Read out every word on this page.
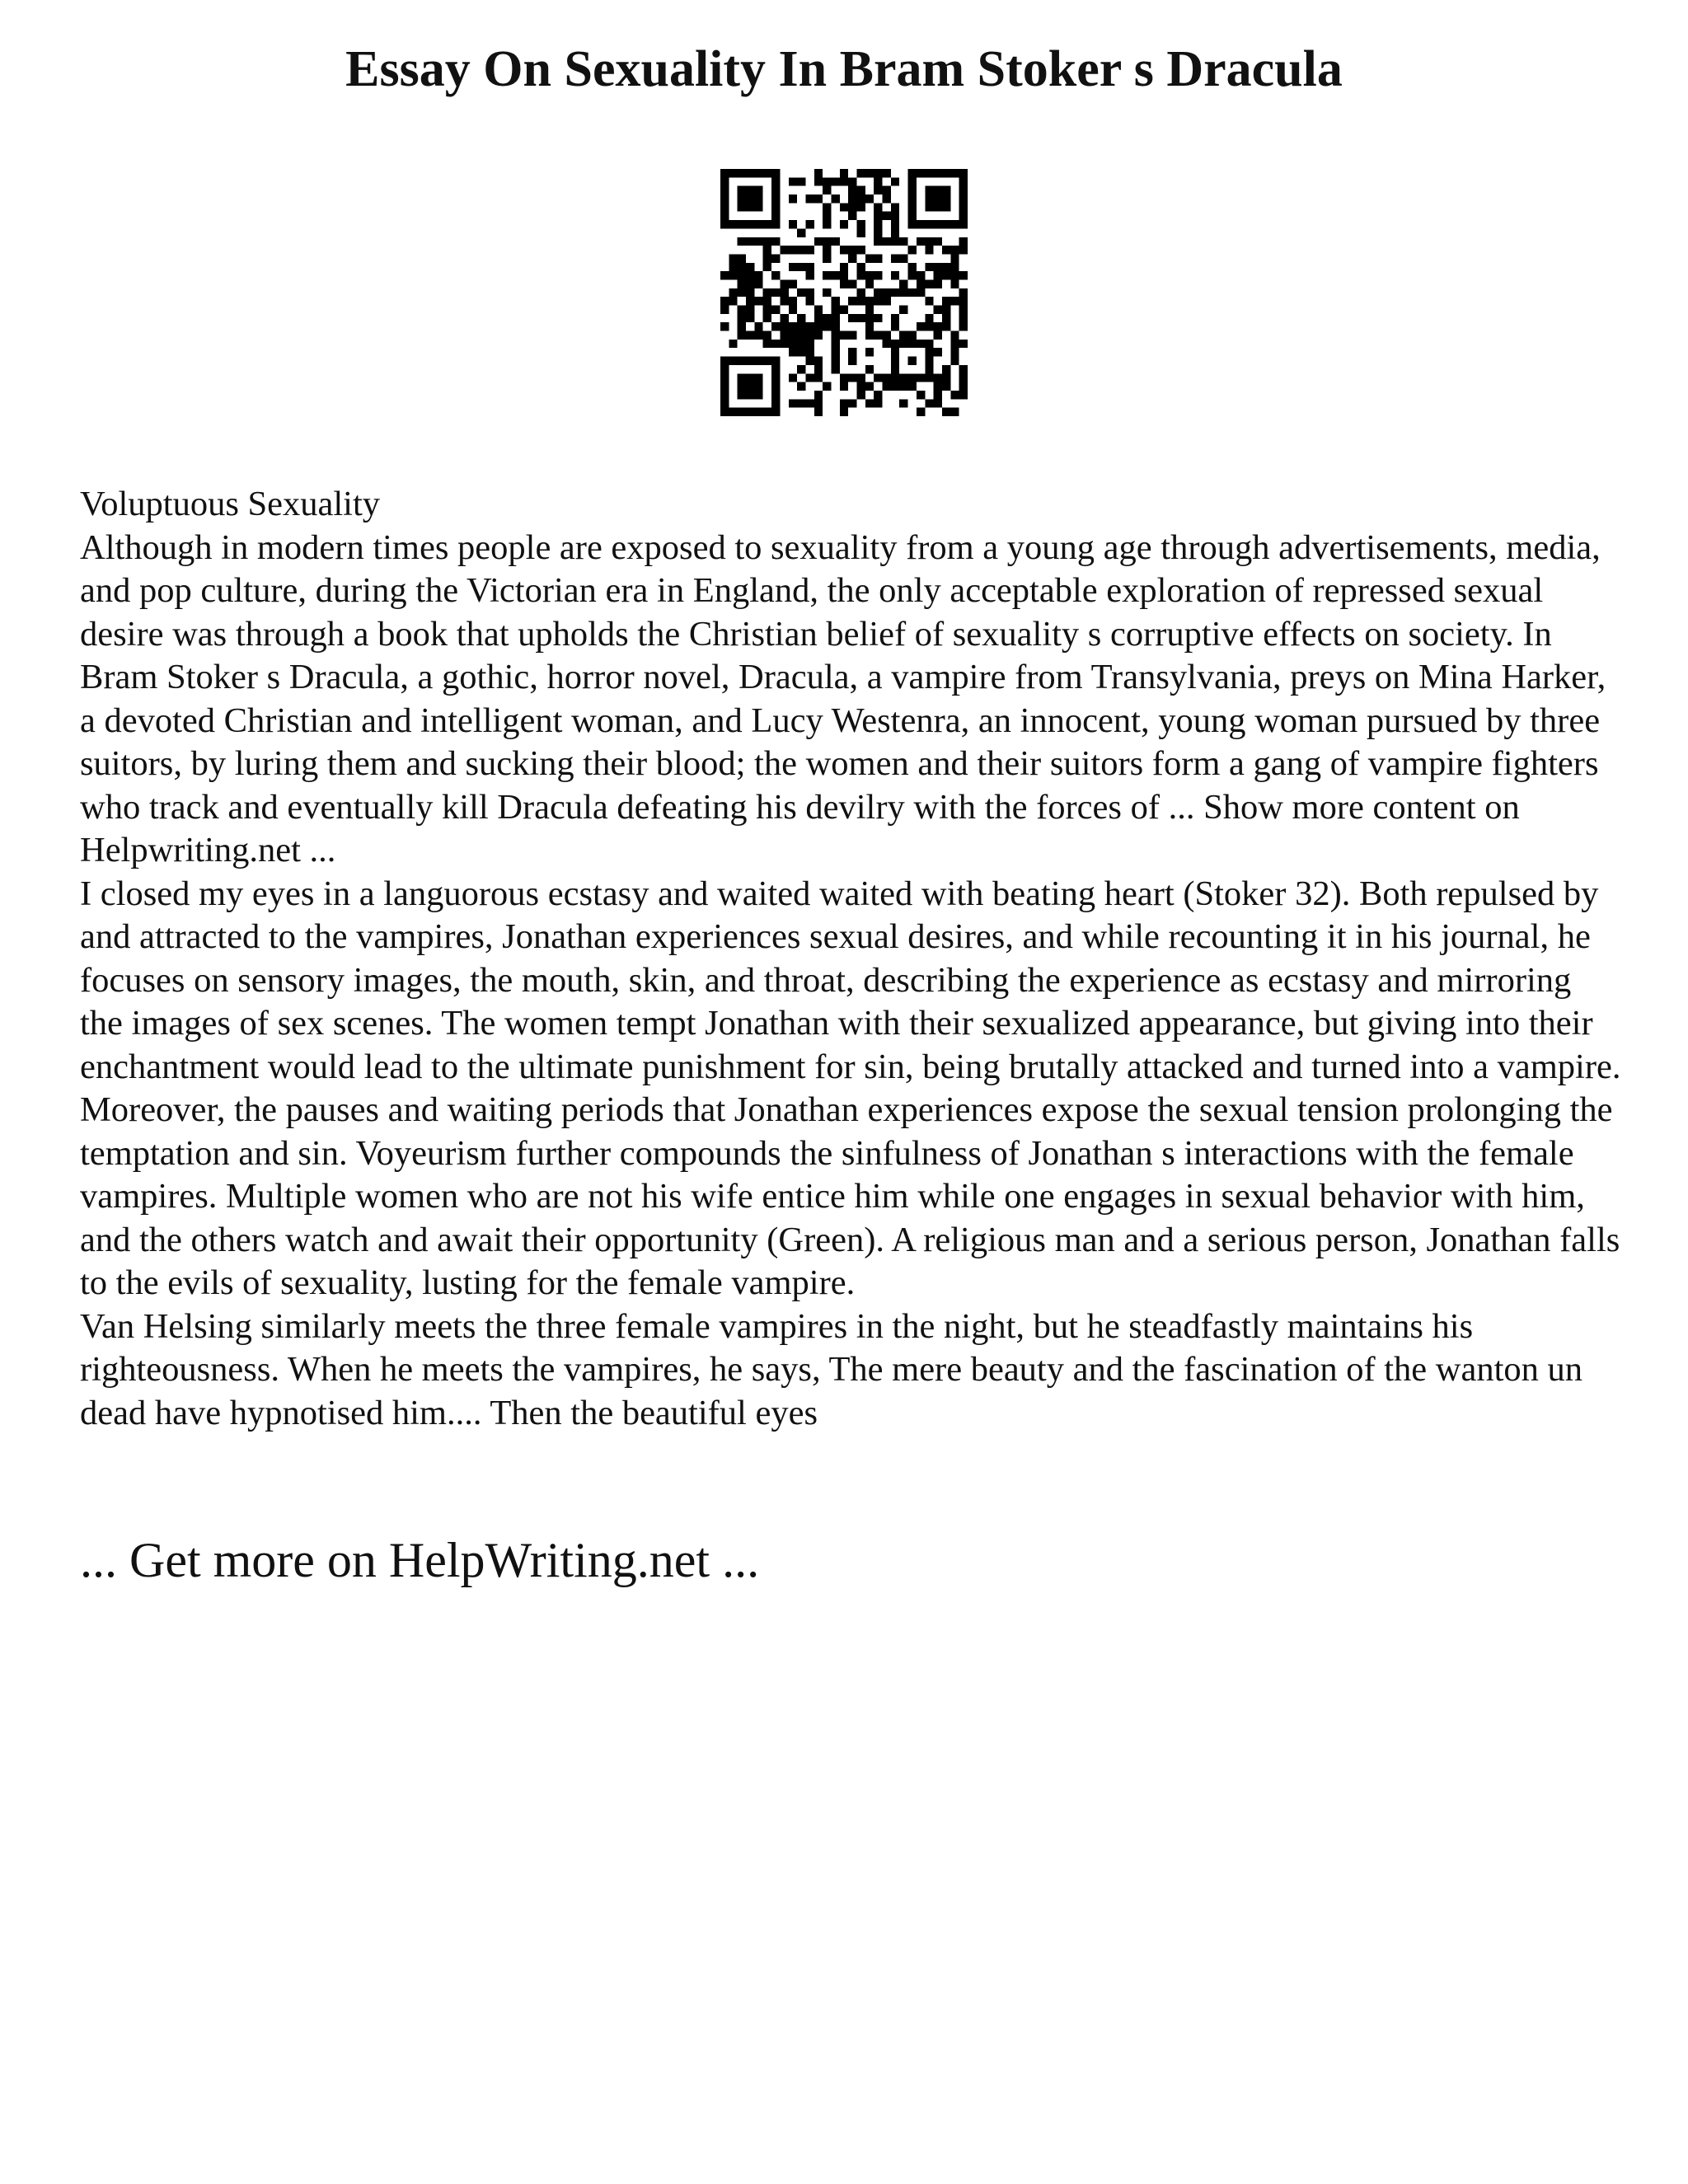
Essay On Sexuality In Bram Stoker s Dracula

Voluptuous Sexuality

Although in modern times people are exposed to sexuality from a young age through advertisements, media, and pop culture, during the Victorian era in England, the only acceptable exploration of repressed sexual desire was through a book that upholds the Christian belief of sexuality s corruptive effects on society. In Bram Stoker s Dracula, a gothic, horror novel, Dracula, a vampire from Transylvania, preys on Mina Harker, a devoted Christian and intelligent woman, and Lucy Westenra, an innocent, young woman pursued by three suitors, by luring them and sucking their blood; the women and their suitors form a gang of vampire fighters who track and eventually kill Dracula defeating his devilry with the forces of ... Show more content on Helpwriting.net ...

I closed my eyes in a languorous ecstasy and waited waited with beating heart (Stoker 32). Both repulsed by and attracted to the vampires, Jonathan experiences sexual desires, and while recounting it in his journal, he focuses on sensory images, the mouth, skin, and throat, describing the experience as ecstasy and mirroring the images of sex scenes. The women tempt Jonathan with their sexualized appearance, but giving into their enchantment would lead to the ultimate punishment for sin, being brutally attacked and turned into a vampire. Moreover, the pauses and waiting periods that Jonathan experiences expose the sexual tension prolonging the temptation and sin. Voyeurism further compounds the sinfulness of Jonathan s interactions with the female vampires. Multiple women who are not his wife entice him while one engages in sexual behavior with him, and the others watch and await their opportunity (Green). A religious man and a serious person, Jonathan falls to the evils of sexuality, lusting for the female vampire.

Van Helsing similarly meets the three female vampires in the night, but he steadfastly maintains his righteousness. When he meets the vampires, he says, The mere beauty and the fascination of the wanton un dead have hypnotised him.... Then the beautiful eyes

... Get more on HelpWriting.net ...
